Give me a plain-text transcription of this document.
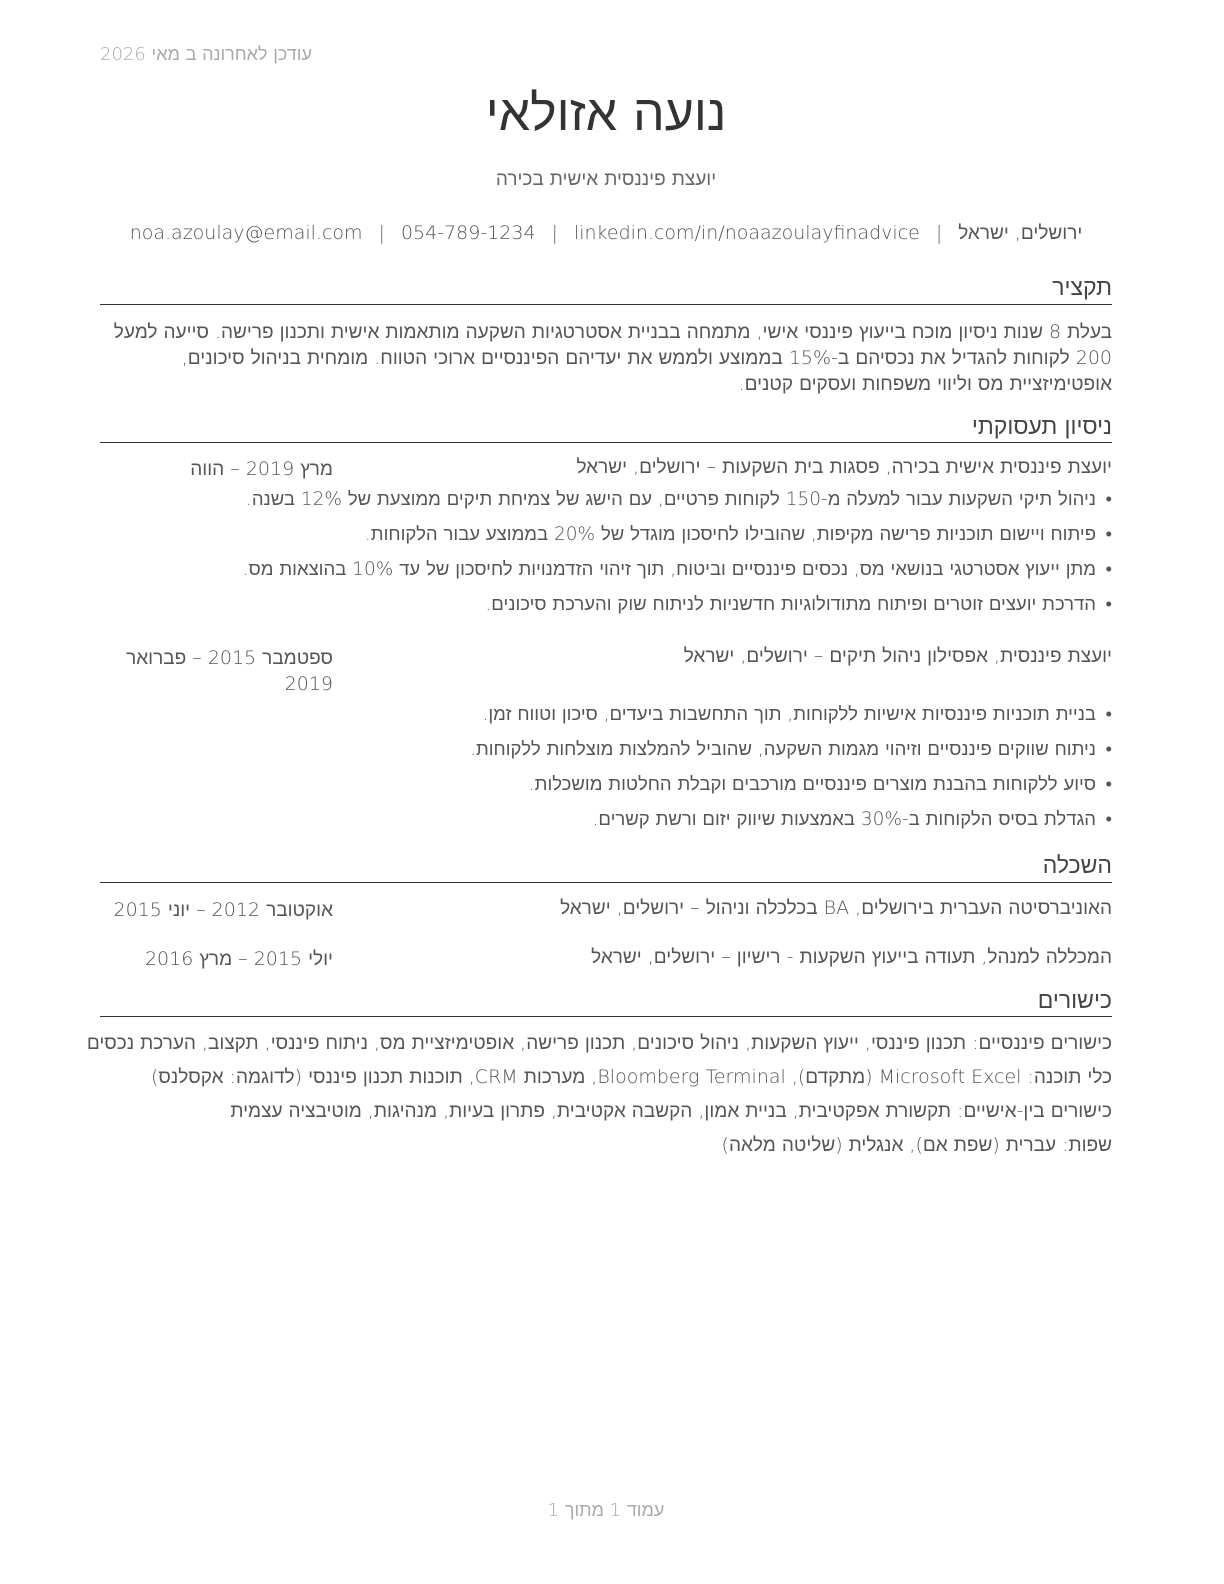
עודכן לאחרונה ב מאי 2026
נועה אזולאי
יועצת פיננסית אישית בכירה
ירושלים, ישראל|noa.azoulay@email.com | 054-789-1234 | linkedin.com/in/noaazoulayfinadvice
תקציר
בעלת 8 שנות ניסיון מוכח בייעוץ פיננסי אישי, מתמחה בבניית אסטרטגיות השקעה מותאמות אישית ותכנון פרישה. סייעה למעל 200 לקוחות להגדיל את נכסיהם ב-15% בממוצע ולממש את יעדיהם הפיננסיים ארוכי הטווח. מומחית בניהול סיכונים, אופטימיזציית מס וליווי משפחות ועסקים קטנים.
ניסיון תעסוקתי
יועצת פיננסית אישית בכירה, פסגות בית השקעות – ירושלים, ישראל
מרץ 2019 – הווה
• ניהול תיקי השקעות עבור למעלה מ-150 לקוחות פרטיים, עם הישג של צמיחת תיקים ממוצעת של 12% בשנה.
• פיתוח ויישום תוכניות פרישה מקיפות, שהובילו לחיסכון מוגדל של 20% בממוצע עבור הלקוחות.
• מתן ייעוץ אסטרטגי בנושאי מס, נכסים פיננסיים וביטוח, תוך זיהוי הזדמנויות לחיסכון של עד 10% בהוצאות מס.
• הדרכת יועצים זוטרים ופיתוח מתודולוגיות חדשניות לניתוח שוק והערכת סיכונים.
יועצת פיננסית, אפסילון ניהול תיקים – ירושלים, ישראל
ספטמבר 2015 – פברואר 2019
• בניית תוכניות פיננסיות אישיות ללקוחות, תוך התחשבות ביעדים, סיכון וטווח זמן.
• ניתוח שווקים פיננסיים וזיהוי מגמות השקעה, שהוביל להמלצות מוצלחות ללקוחות.
• סיוע ללקוחות בהבנת מוצרים פיננסיים מורכבים וקבלת החלטות מושכלות.
• הגדלת בסיס הלקוחות ב-30% באמצעות שיווק יזום ורשת קשרים.
השכלה
האוניברסיטה העברית בירושלים, BA בכלכלה וניהול – ירושלים, ישראל
אוקטובר 2012 – יוני 2015
המכללה למנהל, תעודה בייעוץ השקעות - רישיון – ירושלים, ישראל
יולי 2015 – מרץ 2016
כישורים
כישורים פיננסיים: תכנון פיננסי, ייעוץ השקעות, ניהול סיכונים, תכנון פרישה, אופטימיזציית מס, ניתוח פיננסי, תקצוב, הערכת נכסים
כלי תוכנה: Microsoft Excel (מתקדם), Bloomberg Terminal, מערכות CRM, תוכנות תכנון פיננסי (לדוגמה: אקסלנס)
כישורים בין-אישיים: תקשורת אפקטיבית, בניית אמון, הקשבה אקטיבית, פתרון בעיות, מנהיגות, מוטיבציה עצמית
שפות: עברית (שפת אם), אנגלית (שליטה מלאה)
עמוד 1 מתוך 1
